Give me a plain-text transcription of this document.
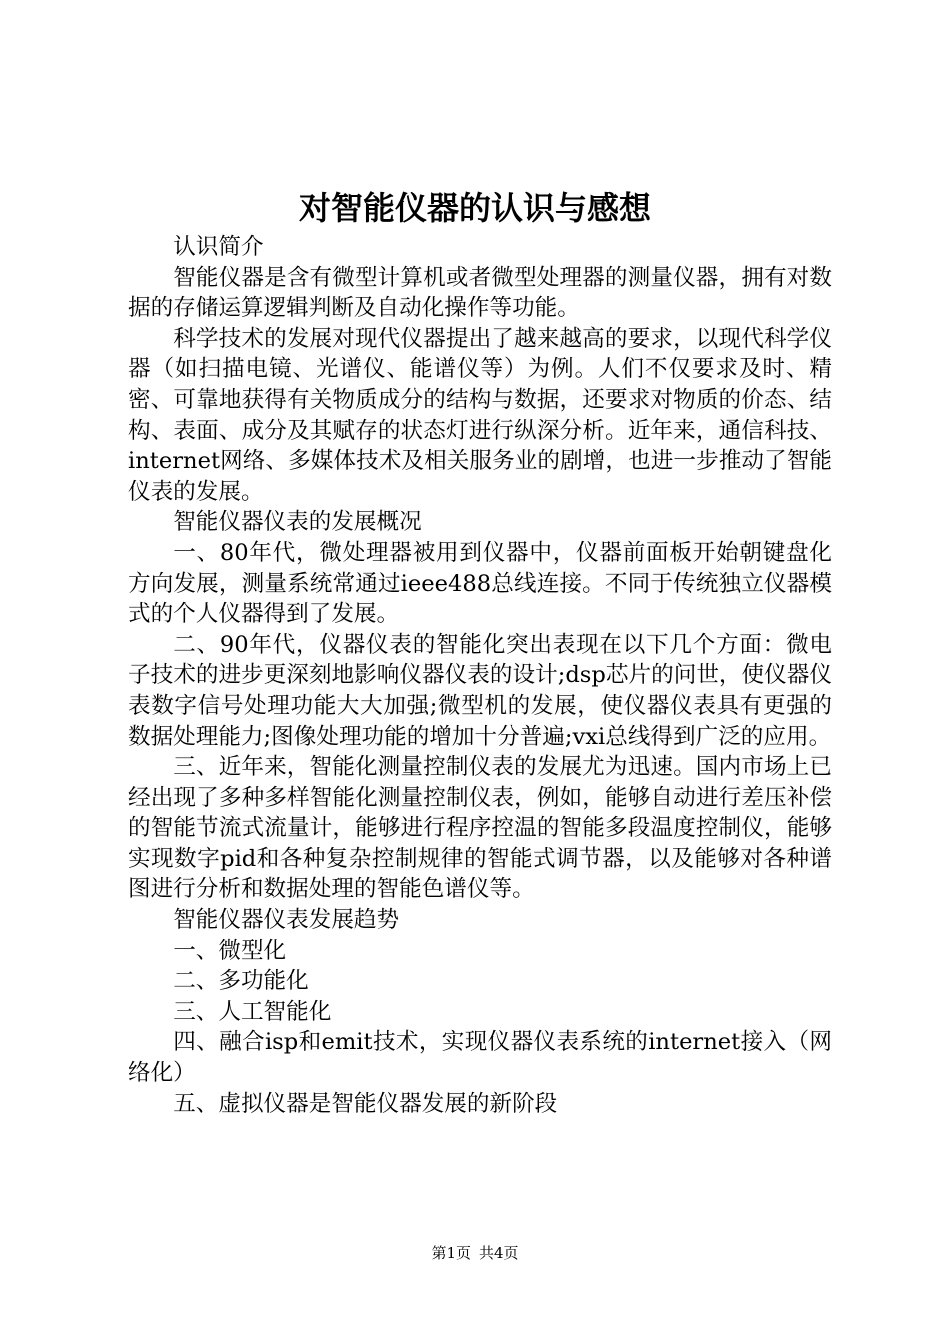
对智能仪器的认识与感想

认识简介

智能仪器是含有微型计算机或者微型处理器的测量仪器，拥有对数据的存储运算逻辑判断及自动化操作等功能。

科学技术的发展对现代仪器提出了越来越高的要求，以现代科学仪器（如扫描电镜、光谱仪、能谱仪等）为例。人们不仅要求及时、精密、可靠地获得有关物质成分的结构与数据，还要求对物质的价态、结构、表面、成分及其赋存的状态灯进行纵深分析。近年来，通信科技、internet网络、多媒体技术及相关服务业的剧增，也进一步推动了智能仪表的发展。

智能仪器仪表的发展概况

一、80年代，微处理器被用到仪器中，仪器前面板开始朝键盘化方向发展，测量系统常通过ieee488总线连接。不同于传统独立仪器模式的个人仪器得到了发展。

二、90年代，仪器仪表的智能化突出表现在以下几个方面：微电子技术的进步更深刻地影响仪器仪表的设计;dsp芯片的问世，使仪器仪表数字信号处理功能大大加强;微型机的发展，使仪器仪表具有更强的数据处理能力;图像处理功能的增加十分普遍;vxi总线得到广泛的应用。

三、近年来，智能化测量控制仪表的发展尤为迅速。国内市场上已经出现了多种多样智能化测量控制仪表，例如，能够自动进行差压补偿的智能节流式流量计，能够进行程序控温的智能多段温度控制仪，能够实现数字pid和各种复杂控制规律的智能式调节器，以及能够对各种谱图进行分析和数据处理的智能色谱仪等。

智能仪器仪表发展趋势

一、微型化

二、多功能化

三、人工智能化

四、融合isp和emit技术，实现仪器仪表系统的internet接入（网络化）

五、虚拟仪器是智能仪器发展的新阶段

第1页 共4页
